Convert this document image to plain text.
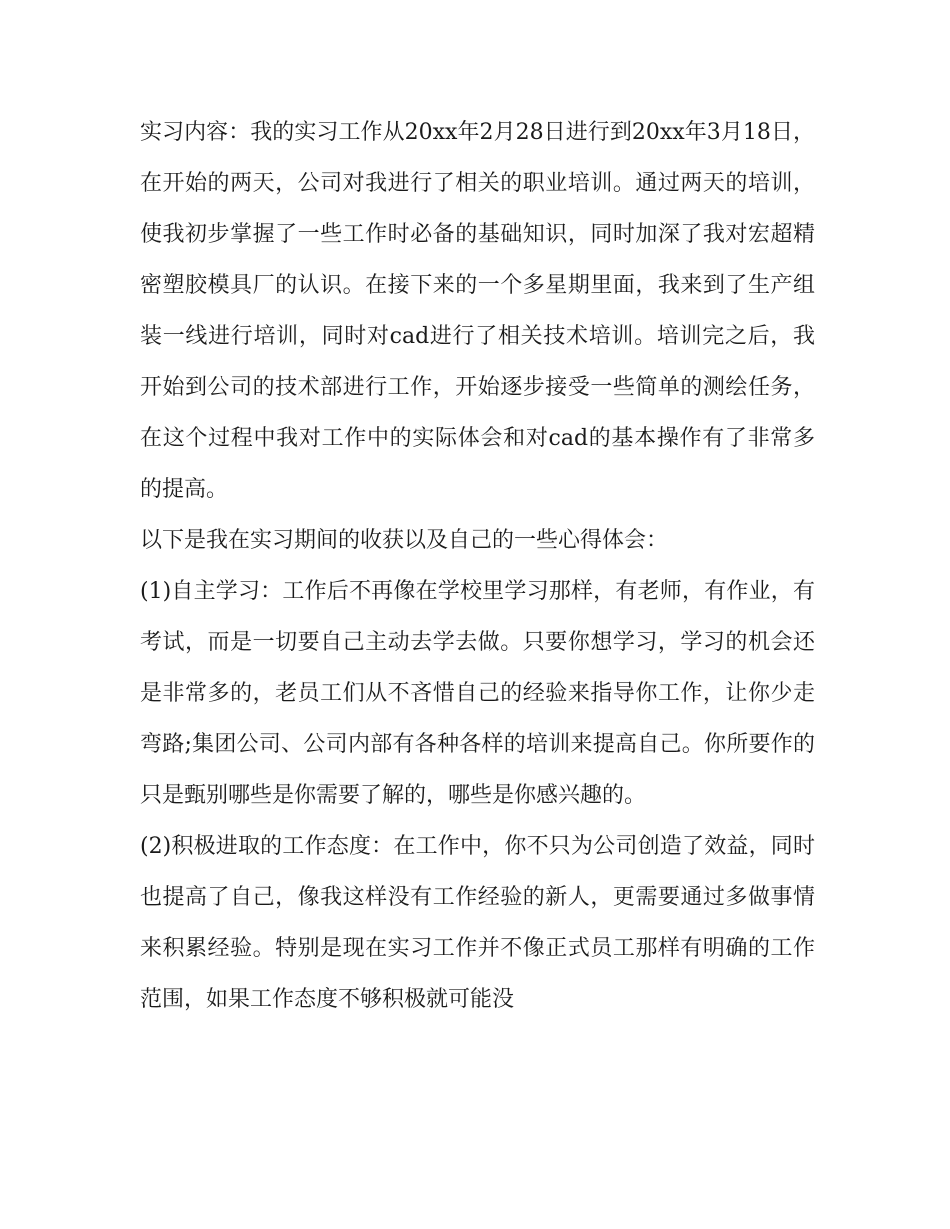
实习内容：我的实习工作从20xx年2月28日进行到20xx年3月18日，在开始的两天，公司对我进行了相关的职业培训。通过两天的培训，使我初步掌握了一些工作时必备的基础知识，同时加深了我对宏超精密塑胶模具厂的认识。在接下来的一个多星期里面，我来到了生产组装一线进行培训，同时对cad进行了相关技术培训。培训完之后，我开始到公司的技术部进行工作，开始逐步接受一些简单的测绘任务，在这个过程中我对工作中的实际体会和对cad的基本操作有了非常多的提高。

以下是我在实习期间的收获以及自己的一些心得体会：

(1)自主学习：工作后不再像在学校里学习那样，有老师，有作业，有考试，而是一切要自己主动去学去做。只要你想学习，学习的机会还是非常多的，老员工们从不吝惜自己的经验来指导你工作，让你少走弯路;集团公司、公司内部有各种各样的培训来提高自己。你所要作的只是甄别哪些是你需要了解的，哪些是你感兴趣的。

(2)积极进取的工作态度：在工作中，你不只为公司创造了效益，同时也提高了自己，像我这样没有工作经验的新人，更需要通过多做事情来积累经验。特别是现在实习工作并不像正式员工那样有明确的工作范围，如果工作态度不够积极就可能没
